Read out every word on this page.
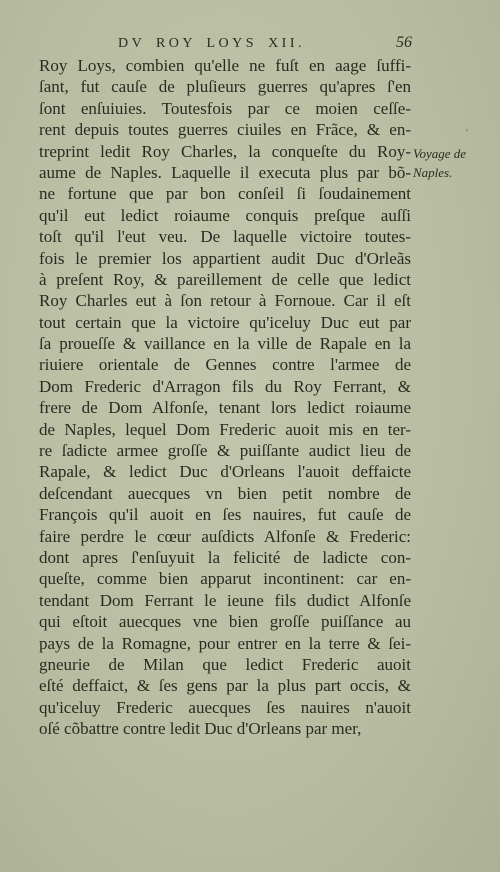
DV ROY LOYS XII.	56
Roy Loys, combien qu'elle ne fuſt en aage ſuffi-
ſant, fut cauſe de pluſieurs guerres qu'apres ſ'en
ſont enſuiuies. Toutesfois par ce moien ceſſe-
rent depuis toutes guerres ciuiles en Frãce, & en-
treprint ledit Roy Charles, la conqueſte du Roy-
aume de Naples. Laquelle il executa plus par bõ-
ne fortune que par bon conſeil ſi ſoudainement
qu'il eut ledict roiaume conquis preſque auſſi
toſt qu'il l'eut veu. De laquelle victoire toutes-
fois le premier los appartient audit Duc d'Orleãs
à preſent Roy, & pareillement de celle que ledict
Roy Charles eut à ſon retour à Fornoue. Car il eſt
tout certain que la victoire qu'iceluy Duc eut par
ſa proueſſe & vaillance en la ville de Rapale en la
riuiere orientale de Gennes contre l'armee de
Dom Frederic d'Arragon fils du Roy Ferrant, &
frere de Dom Alfonſe, tenant lors ledict roiaume
de Naples, lequel Dom Frederic auoit mis en ter-
re ſadicte armee groſſe & puiſſante audict lieu de
Rapale, & ledict Duc d'Orleans l'auoit deffaicte
deſcendant auecques vn bien petit nombre de
François qu'il auoit en ſes nauires, fut cauſe de
faire perdre le cœur auſdicts Alfonſe & Frederic:
dont apres ſ'enſuyuit la felicité de ladicte con-
queſte, comme bien apparut incontinent: car en-
tendant Dom Ferrant le ieune fils dudict Alfonſe
qui eſtoit auecques vne bien groſſe puiſſance au
pays de la Romagne, pour entrer en la terre & ſei-
gneurie de Milan que ledict Frederic auoit
eſté deffaict, & ſes gens par la plus part occis, &
qu'iceluy Frederic auecques ſes nauires n'auoit
oſé cõbattre contre ledit Duc d'Orleans par mer,
'
Voyage de
Naples.
